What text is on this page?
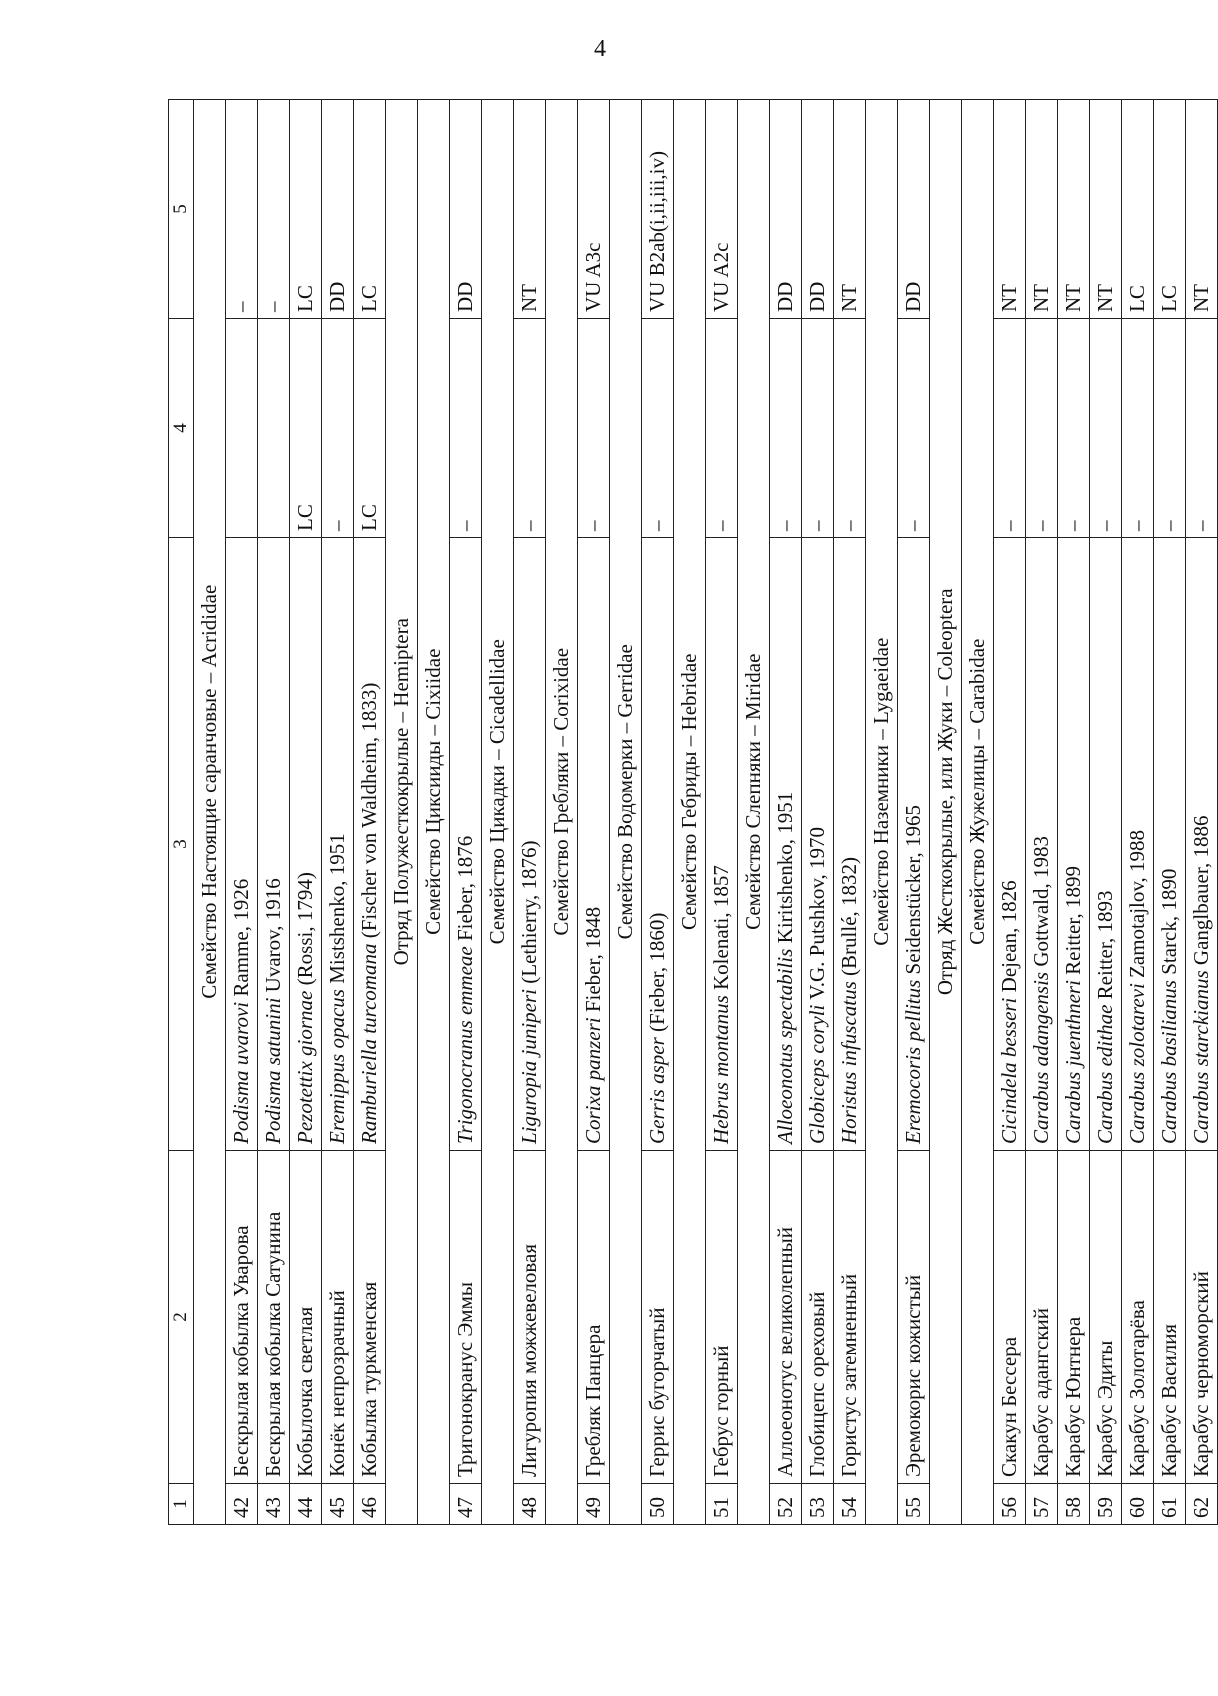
4
1	2	3	4	5
	Семейство Настоящие саранчовые – Acrididae			
42	Бескрылая кобылка Уварова	Podisma uvarovi Ramme, 1926		–
43	Бескрылая кобылка Сатунина	Podisma satunini Uvarov, 1916		–
44	Кобылочка светлая	Pezotettix giornae (Rossi, 1794)	LC	LC
45	Конёк непрозрачный	Eremippus opacus Mistshenko, 1951	–	DD
46	Кобылка туркменская	Ramburiella turcomana (Fischer von Waldheim, 1833)	LC	LC
	Отряд Полужесткокрылые – Hemiptera			
	Семейство Циксииды – Cixiidae			
47	Тригонокранус Эммы	Trigonocranus emmeae Fieber, 1876	–	DD
	Семейство Цикадки – Cicadellidae			
48	Лигуропия можжевеловая	Liguropia juniperi (Lethierry, 1876)	–	NT
	Семейство Гребляки – Corixidae			
49	Гребляк Панцера	Corixa panzeri Fieber, 1848	–	VU A3c
	Семейство Водомерки – Gerridae			
50	Геррис бугорчатый	Gerris asper (Fieber, 1860)	–	VU B2ab(i,ii,iii,iv)
	Семейство Гебриды – Hebridae			
51	Гебрус горный	Hebrus montanus Kolenati, 1857	–	VU A2c
	Семейство Слепняки – Miridae			
52	Аллоеонотус великолепный	Alloeonotus spectabilis Kiritshenko, 1951	–	DD
53	Глобицепс ореховый	Globiceps coryli V.G. Putshkov, 1970	–	DD
54	Гористус затемненный	Horistus infuscatus (Brullé, 1832)	–	NT
	Семейство Наземники – Lygaeidae			
55	Эремокорис кожистый	Eremocoris pellitus Seidenstücker, 1965	–	DD
	Отряд Жесткокрылые, или Жуки – Coleoptera			
	Семейство Жужелицы – Carabidae			
56	Скакун Бессера	Cicindela besseri Dejean, 1826	–	NT
57	Карабус адангский	Carabus adangensis Gottwald, 1983	–	NT
58	Карабус Юнтнера	Carabus juenthneri Reitter, 1899	–	NT
59	Карабус Эдиты	Carabus edithae Reitter, 1893	–	NT
60	Карабус Золотарёва	Carabus zolotarevi Zamotajlov, 1988	–	LC
61	Карабус Василия	Carabus basilianus Starck, 1890	–	LC
62	Карабус черноморский	Carabus starckianus Ganglbauer, 1886	–	NT
